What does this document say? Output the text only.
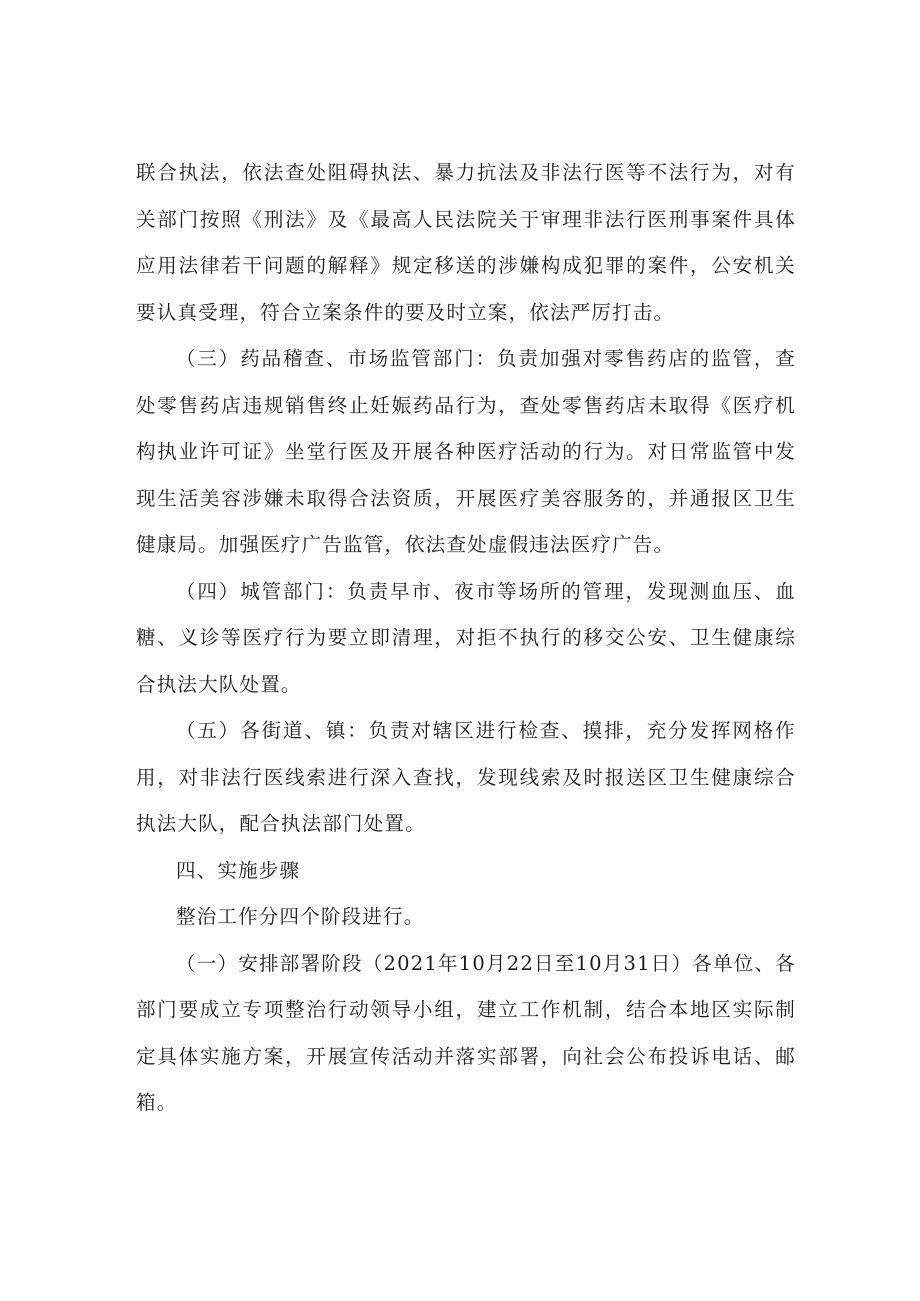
联合执法，依法查处阻碍执法、暴力抗法及非法行医等不法行为，对有关部门按照《刑法》及《最高人民法院关于审理非法行医刑事案件具体应用法律若干问题的解释》规定移送的涉嫌构成犯罪的案件，公安机关要认真受理，符合立案条件的要及时立案，依法严厉打击。

（三）药品稽查、市场监管部门：负责加强对零售药店的监管，查处零售药店违规销售终止妊娠药品行为，查处零售药店未取得《医疗机构执业许可证》坐堂行医及开展各种医疗活动的行为。对日常监管中发现生活美容涉嫌未取得合法资质，开展医疗美容服务的，并通报区卫生健康局。加强医疗广告监管，依法查处虚假违法医疗广告。

（四）城管部门：负责早市、夜市等场所的管理，发现测血压、血糖、义诊等医疗行为要立即清理，对拒不执行的移交公安、卫生健康综合执法大队处置。

（五）各街道、镇：负责对辖区进行检查、摸排，充分发挥网格作用，对非法行医线索进行深入查找，发现线索及时报送区卫生健康综合执法大队，配合执法部门处置。

四、实施步骤

整治工作分四个阶段进行。

（一）安排部署阶段（2021年10月22日至10月31日）各单位、各部门要成立专项整治行动领导小组，建立工作机制，结合本地区实际制定具体实施方案，开展宣传活动并落实部署，向社会公布投诉电话、邮箱。
